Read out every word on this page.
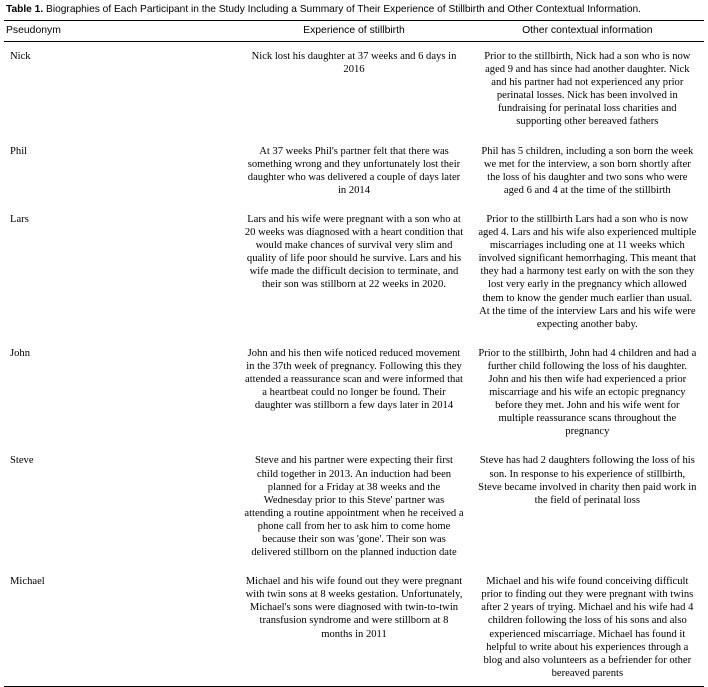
Table 1. Biographies of Each Participant in the Study Including a Summary of Their Experience of Stillbirth and Other Contextual Information.
Pseudonym	Experience of stillbirth	Other contextual information
Nick	Nick lost his daughter at 37 weeks and 6 days in 2016	Prior to the stillbirth, Nick had a son who is now aged 9 and has since had another daughter. Nick and his partner had not experienced any prior perinatal losses. Nick has been involved in fundraising for perinatal loss charities and supporting other bereaved fathers
Phil	At 37 weeks Phil's partner felt that there was something wrong and they unfortunately lost their daughter who was delivered a couple of days later in 2014	Phil has 5 children, including a son born the week we met for the interview, a son born shortly after the loss of his daughter and two sons who were aged 6 and 4 at the time of the stillbirth
Lars	Lars and his wife were pregnant with a son who at 20 weeks was diagnosed with a heart condition that would make chances of survival very slim and quality of life poor should he survive. Lars and his wife made the difficult decision to terminate, and their son was stillborn at 22 weeks in 2020.	Prior to the stillbirth Lars had a son who is now aged 4. Lars and his wife also experienced multiple miscarriages including one at 11 weeks which involved significant hemorrhaging. This meant that they had a harmony test early on with the son they lost very early in the pregnancy which allowed them to know the gender much earlier than usual. At the time of the interview Lars and his wife were expecting another baby.
John	John and his then wife noticed reduced movement in the 37th week of pregnancy. Following this they attended a reassurance scan and were informed that a heartbeat could no longer be found. Their daughter was stillborn a few days later in 2014	Prior to the stillbirth, John had 4 children and had a further child following the loss of his daughter. John and his then wife had experienced a prior miscarriage and his wife an ectopic pregnancy before they met. John and his wife went for multiple reassurance scans throughout the pregnancy
Steve	Steve and his partner were expecting their first child together in 2013. An induction had been planned for a Friday at 38 weeks and the Wednesday prior to this Steve' partner was attending a routine appointment when he received a phone call from her to ask him to come home because their son was 'gone'. Their son was delivered stillborn on the planned induction date	Steve has had 2 daughters following the loss of his son. In response to his experience of stillbirth, Steve became involved in charity then paid work in the field of perinatal loss
Michael	Michael and his wife found out they were pregnant with twin sons at 8 weeks gestation. Unfortunately, Michael's sons were diagnosed with twin-to-twin transfusion syndrome and were stillborn at 8 months in 2011	Michael and his wife found conceiving difficult prior to finding out they were pregnant with twins after 2 years of trying. Michael and his wife had 4 children following the loss of his sons and also experienced miscarriage. Michael has found it helpful to write about his experiences through a blog and also volunteers as a befriender for other bereaved parents
